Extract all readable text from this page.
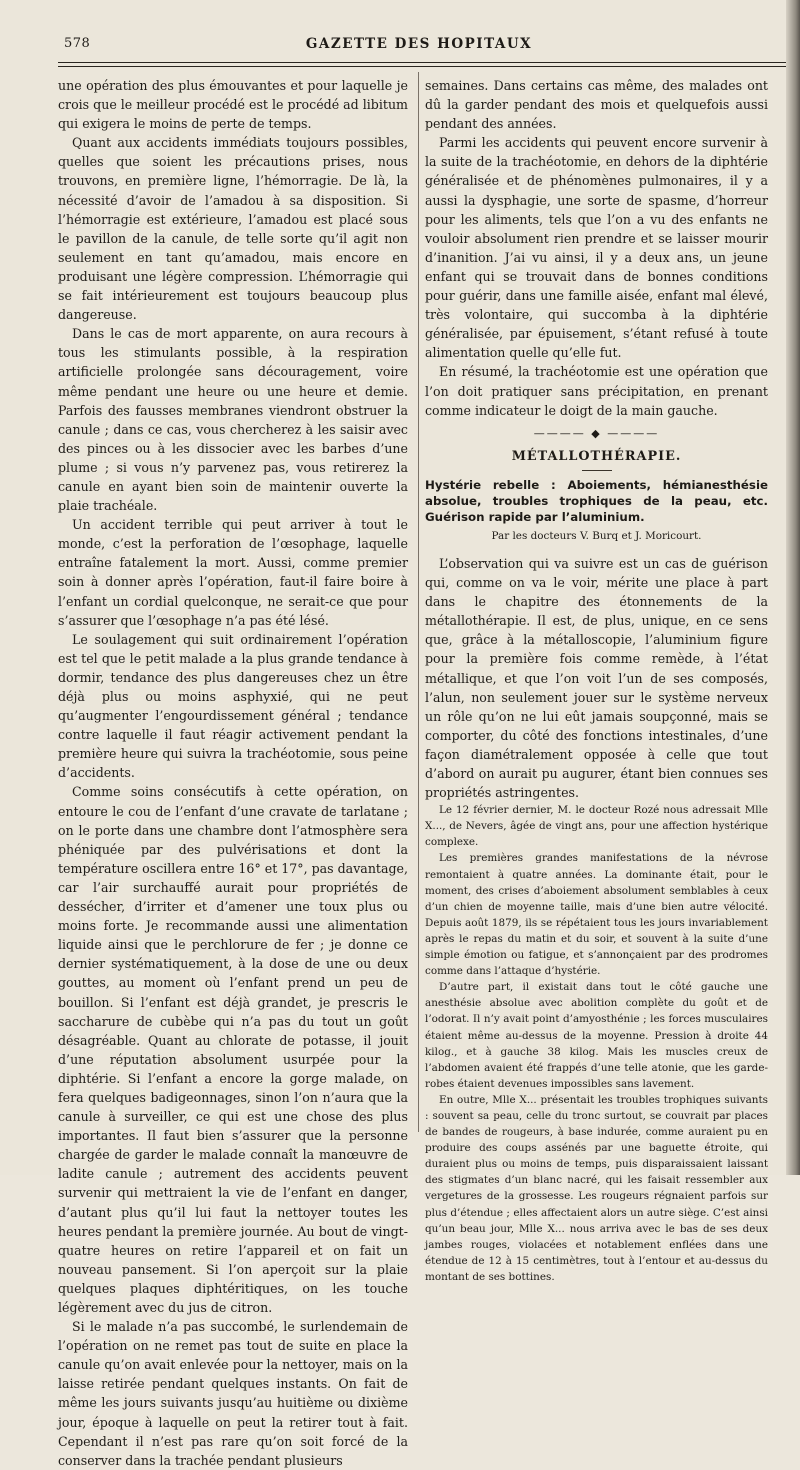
578	GAZETTE DES HOPITAUX

une opération des plus émouvantes et pour laquelle je crois que le meilleur procédé est le procédé ad libitum qui exigera le moins de perte de temps.

Quant aux accidents immédiats toujours possibles, quelles que soient les précautions prises, nous trouvons, en première ligne, l’hémorragie. De là, la nécessité d’avoir de l’amadou à sa disposition. Si l’hémorragie est extérieure, l’amadou est placé sous le pavillon de la canule, de telle sorte qu’il agit non seulement en tant qu’amadou, mais encore en produisant une légère compression. L’hémorragie qui se fait intérieurement est toujours beaucoup plus dangereuse.

Dans le cas de mort apparente, on aura recours à tous les stimulants possible, à la respiration artificielle prolongée sans découragement, voire même pendant une heure ou une heure et demie. Parfois des fausses membranes viendront obstruer la canule ; dans ce cas, vous chercherez à les saisir avec des pinces ou à les dissocier avec les barbes d’une plume ; si vous n’y parvenez pas, vous retirerez la canule en ayant bien soin de maintenir ouverte la plaie trachéale.

Un accident terrible qui peut arriver à tout le monde, c’est la perforation de l’œsophage, laquelle entraîne fatalement la mort. Aussi, comme premier soin à donner après l’opération, faut-il faire boire à l’enfant un cordial quelconque, ne serait-ce que pour s’assurer que l’œsophage n’a pas été lésé.

Le soulagement qui suit ordinairement l’opération est tel que le petit malade a la plus grande tendance à dormir, tendance des plus dangereuses chez un être déjà plus ou moins asphyxié, qui ne peut qu’augmenter l’engourdissement général ; tendance contre laquelle il faut réagir activement pendant la première heure qui suivra la trachéotomie, sous peine d’accidents.

Comme soins consécutifs à cette opération, on entoure le cou de l’enfant d’une cravate de tarlatane ; on le porte dans une chambre dont l’atmosphère sera phéniquée par des pulvérisations et dont la température oscillera entre 16° et 17°, pas davantage, car l’air surchauffé aurait pour propriétés de dessécher, d’irriter et d’amener une toux plus ou moins forte. Je recommande aussi une alimentation liquide ainsi que le perchlorure de fer ; je donne ce dernier systématiquement, à la dose de une ou deux gouttes, au moment où l’enfant prend un peu de bouillon. Si l’enfant est déjà grandet, je prescris le saccharure de cubèbe qui n’a pas du tout un goût désagréable. Quant au chlorate de potasse, il jouit d’une réputation absolument usurpée pour la diphtérie. Si l’enfant a encore la gorge malade, on fera quelques badigeonnages, sinon l’on n’aura que la canule à surveiller, ce qui est une chose des plus importantes. Il faut bien s’assurer que la personne chargée de garder le malade connaît la manœuvre de ladite canule ; autrement des accidents peuvent survenir qui mettraient la vie de l’enfant en danger, d’autant plus qu’il lui faut la nettoyer toutes les heures pendant la première journée. Au bout de vingt-quatre heures on retire l’appareil et on fait un nouveau pansement. Si l’on aperçoit sur la plaie quelques plaques diphtéritiques, on les touche légèrement avec du jus de citron.

Si le malade n’a pas succombé, le surlendemain de l’opération on ne remet pas tout de suite en place la canule qu’on avait enlevée pour la nettoyer, mais on la laisse retirée pendant quelques instants. On fait de même les jours suivants jusqu’au huitième ou dixième jour, époque à laquelle on peut la retirer tout à fait. Cependant il n’est pas rare qu’on soit forcé de la conserver dans la trachée pendant plusieurs

semaines. Dans certains cas même, des malades ont dû la garder pendant des mois et quelquefois aussi pendant des années.

Parmi les accidents qui peuvent encore survenir à la suite de la trachéotomie, en dehors de la diphtérie généralisée et de phénomènes pulmonaires, il y a aussi la dysphagie, une sorte de spasme, d’horreur pour les aliments, tels que l’on a vu des enfants ne vouloir absolument rien prendre et se laisser mourir d’inanition. J’ai vu ainsi, il y a deux ans, un jeune enfant qui se trouvait dans de bonnes conditions pour guérir, dans une famille aisée, enfant mal élevé, très volontaire, qui succomba à la diphtérie généralisée, par épuisement, s’étant refusé à toute alimentation quelle qu’elle fut.

En résumé, la trachéotomie est une opération que l’on doit pratiquer sans précipitation, en prenant comme indicateur le doigt de la main gauche.

———— ◆ ————
MÉTALLOTHÉRAPIE.

Hystérie rebelle : Aboiements, hémianesthésie absolue, troubles trophiques de la peau, etc. Guérison rapide par l’aluminium.

Par les docteurs V. Burq et J. Moricourt.

L’observation qui va suivre est un cas de guérison qui, comme on va le voir, mérite une place à part dans le chapitre des étonnements de la métallothérapie. Il est, de plus, unique, en ce sens que, grâce à la métalloscopie, l’aluminium figure pour la première fois comme remède, à l’état métallique, et que l’on voit l’un de ses composés, l’alun, non seulement jouer sur le système nerveux un rôle qu’on ne lui eût jamais soupçonné, mais se comporter, du côté des fonctions intestinales, d’une façon diamétralement opposée à celle que tout d’abord on aurait pu augurer, étant bien connues ses propriétés astringentes.

Le 12 février dernier, M. le docteur Rozé nous adressait Mlle X..., de Nevers, âgée de vingt ans, pour une affection hystérique complexe.

Les premières grandes manifestations de la névrose remontaient à quatre années. La dominante était, pour le moment, des crises d’aboiement absolument semblables à ceux d’un chien de moyenne taille, mais d’une bien autre vélocité. Depuis août 1879, ils se répétaient tous les jours invariablement après le repas du matin et du soir, et souvent à la suite d’une simple émotion ou fatigue, et s’annonçaient par des prodromes comme dans l’attaque d’hystérie.

D’autre part, il existait dans tout le côté gauche une anesthésie absolue avec abolition complète du goût et de l’odorat. Il n’y avait point d’amyosthénie ; les forces musculaires étaient même au-dessus de la moyenne. Pression à droite 44 kilog., et à gauche 38 kilog. Mais les muscles creux de l’abdomen avaient été frappés d’une telle atonie, que les garde-robes étaient devenues impossibles sans lavement.

En outre, Mlle X... présentait les troubles trophiques suivants : souvent sa peau, celle du tronc surtout, se couvrait par places de bandes de rougeurs, à base indurée, comme auraient pu en produire des coups assénés par une baguette étroite, qui duraient plus ou moins de temps, puis disparaissaient laissant des stigmates d’un blanc nacré, qui les faisait ressembler aux vergetures de la grossesse. Les rougeurs régnaient parfois sur plus d’étendue ; elles affectaient alors un autre siège. C’est ainsi qu’un beau jour, Mlle X... nous arriva avec le bas de ses deux jambes rouges, violacées et notablement enflées dans une étendue de 12 à 15 centimètres, tout à l’entour et au-dessus du montant de ses bottines.
